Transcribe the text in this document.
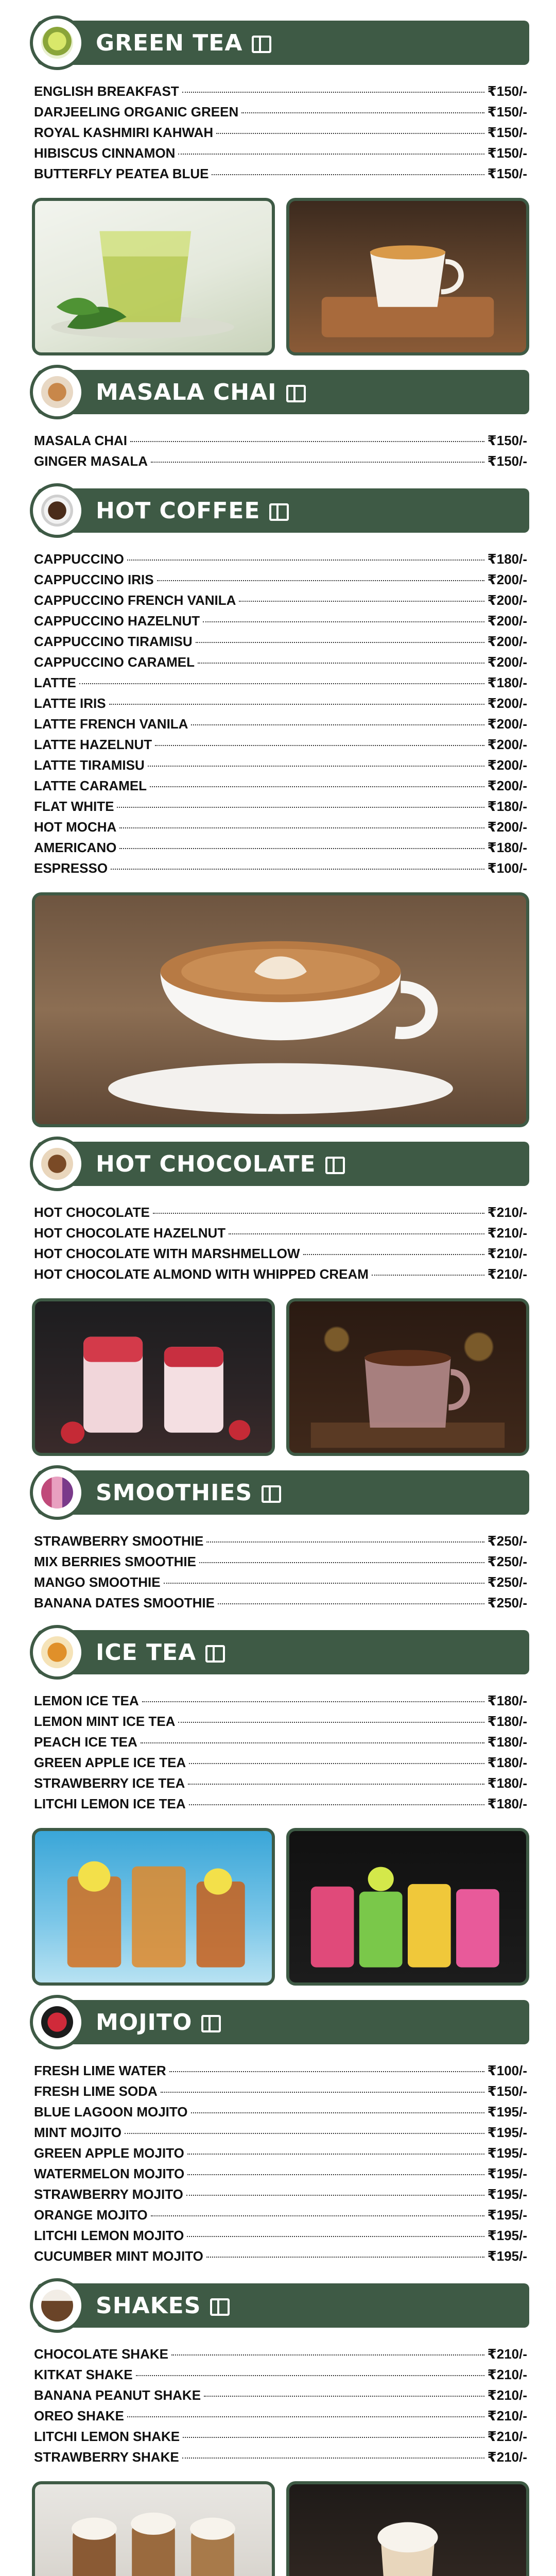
GREEN TEA
ENGLISH BREAKFAST	₹150/-
DARJEELING ORGANIC GREEN	₹150/-
ROYAL KASHMIRI KAHWAH	₹150/-
HIBISCUS CINNAMON	₹150/-
BUTTERFLY PEATEA BLUE	₹150/-
MASALA CHAI
MASALA CHAI	₹150/-
GINGER MASALA	₹150/-
HOT COFFEE
CAPPUCCINO	₹180/-
CAPPUCCINO IRIS	₹200/-
CAPPUCCINO FRENCH VANILA	₹200/-
CAPPUCCINO HAZELNUT	₹200/-
CAPPUCCINO TIRAMISU	₹200/-
CAPPUCCINO CARAMEL	₹200/-
LATTE	₹180/-
LATTE IRIS	₹200/-
LATTE FRENCH VANILA	₹200/-
LATTE HAZELNUT	₹200/-
LATTE TIRAMISU	₹200/-
LATTE CARAMEL	₹200/-
FLAT WHITE	₹180/-
HOT MOCHA	₹200/-
AMERICANO	₹180/-
ESPRESSO	₹100/-
HOT CHOCOLATE
HOT CHOCOLATE	₹210/-
HOT CHOCOLATE HAZELNUT	₹210/-
HOT CHOCOLATE WITH MARSHMELLOW	₹210/-
HOT CHOCOLATE ALMOND WITH WHIPPED CREAM	₹210/-
SMOOTHIES
STRAWBERRY SMOOTHIE	₹250/-
MIX BERRIES SMOOTHIE	₹250/-
MANGO SMOOTHIE	₹250/-
BANANA DATES SMOOTHIE	₹250/-
ICE TEA
LEMON ICE TEA	₹180/-
LEMON MINT ICE TEA	₹180/-
PEACH ICE TEA	₹180/-
GREEN APPLE ICE TEA	₹180/-
STRAWBERRY ICE TEA	₹180/-
LITCHI LEMON ICE TEA	₹180/-
MOJITO
FRESH LIME WATER	₹100/-
FRESH LIME SODA	₹150/-
BLUE LAGOON MOJITO	₹195/-
MINT MOJITO	₹195/-
GREEN APPLE MOJITO	₹195/-
WATERMELON MOJITO	₹195/-
STRAWBERRY MOJITO	₹195/-
ORANGE MOJITO	₹195/-
LITCHI LEMON MOJITO	₹195/-
CUCUMBER MINT MOJITO	₹195/-
SHAKES
CHOCOLATE SHAKE	₹210/-
KITKAT SHAKE	₹210/-
BANANA PEANUT SHAKE	₹210/-
OREO SHAKE	₹210/-
LITCHI LEMON SHAKE	₹210/-
STRAWBERRY SHAKE	₹210/-
